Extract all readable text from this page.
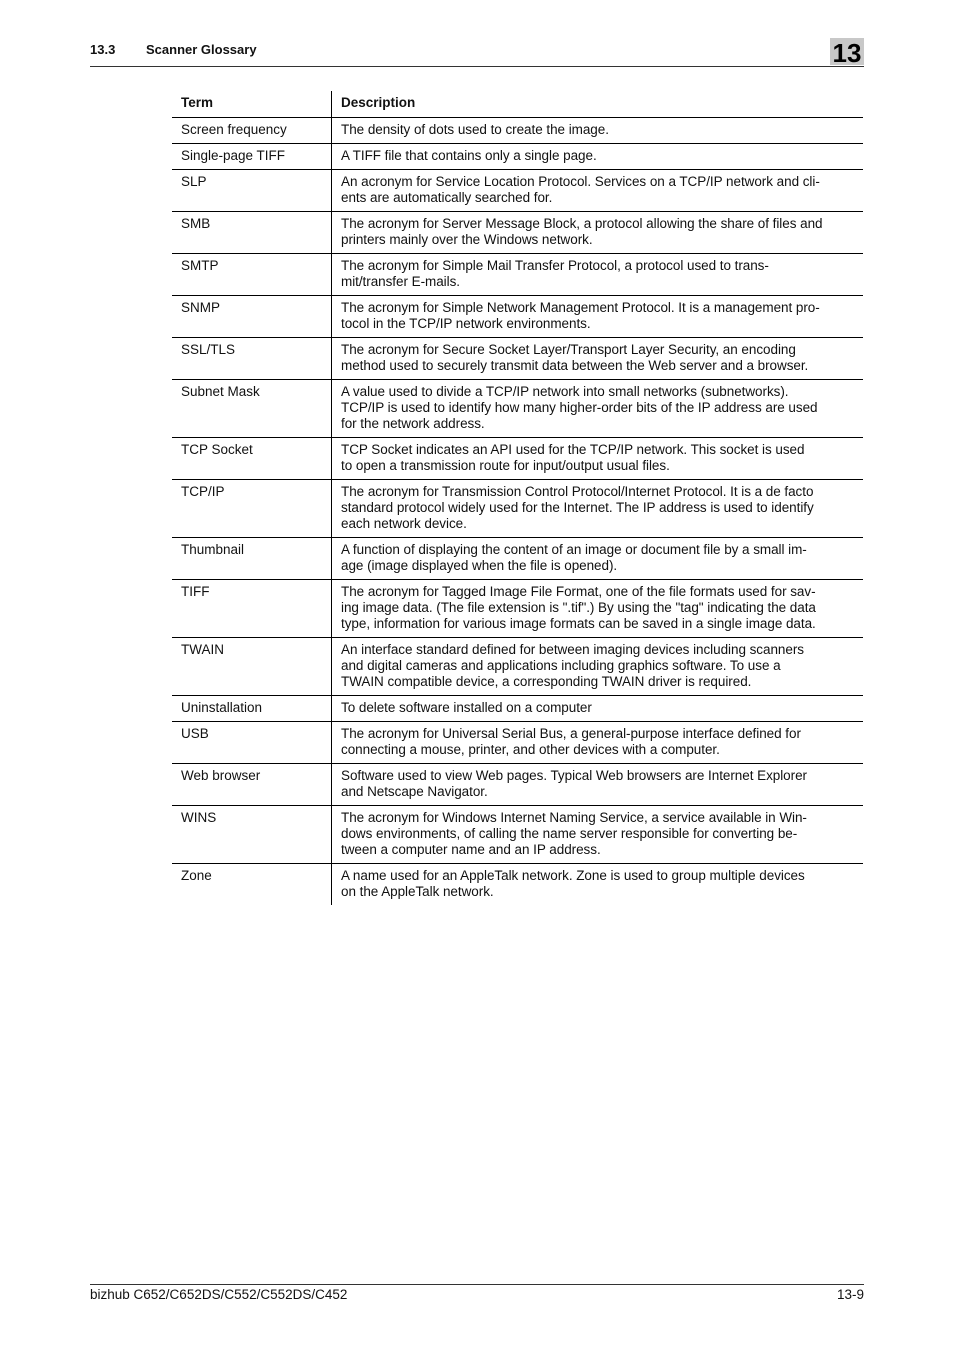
13.3 Scanner Glossary	13
Term	Description
Screen frequency	The density of dots used to create the image.
Single-page TIFF	A TIFF file that contains only a single page.
SLP	An acronym for Service Location Protocol. Services on a TCP/IP network and cli-
ents are automatically searched for.
SMB	The acronym for Server Message Block, a protocol allowing the share of files and
printers mainly over the Windows network.
SMTP	The acronym for Simple Mail Transfer Protocol, a protocol used to trans-
mit/transfer E-mails.
SNMP	The acronym for Simple Network Management Protocol. It is a management pro-
tocol in the TCP/IP network environments.
SSL/TLS	The acronym for Secure Socket Layer/Transport Layer Security, an encoding
method used to securely transmit data between the Web server and a browser.
Subnet Mask	A value used to divide a TCP/IP network into small networks (subnetworks).
TCP/IP is used to identify how many higher-order bits of the IP address are used
for the network address.
TCP Socket	TCP Socket indicates an API used for the TCP/IP network. This socket is used
to open a transmission route for input/output usual files.
TCP/IP	The acronym for Transmission Control Protocol/Internet Protocol. It is a de facto
standard protocol widely used for the Internet. The IP address is used to identify
each network device.
Thumbnail	A function of displaying the content of an image or document file by a small im-
age (image displayed when the file is opened).
TIFF	The acronym for Tagged Image File Format, one of the file formats used for sav-
ing image data. (The file extension is ".tif".) By using the "tag" indicating the data
type, information for various image formats can be saved in a single image data.
TWAIN	An interface standard defined for between imaging devices including scanners
and digital cameras and applications including graphics software. To use a
TWAIN compatible device, a corresponding TWAIN driver is required.
Uninstallation	To delete software installed on a computer
USB	The acronym for Universal Serial Bus, a general-purpose interface defined for
connecting a mouse, printer, and other devices with a computer.
Web browser	Software used to view Web pages. Typical Web browsers are Internet Explorer
and Netscape Navigator.
WINS	The acronym for Windows Internet Naming Service, a service available in Win-
dows environments, of calling the name server responsible for converting be-
tween a computer name and an IP address.
Zone	A name used for an AppleTalk network. Zone is used to group multiple devices
on the AppleTalk network.
bizhub C652/C652DS/C552/C552DS/C452	13-9
